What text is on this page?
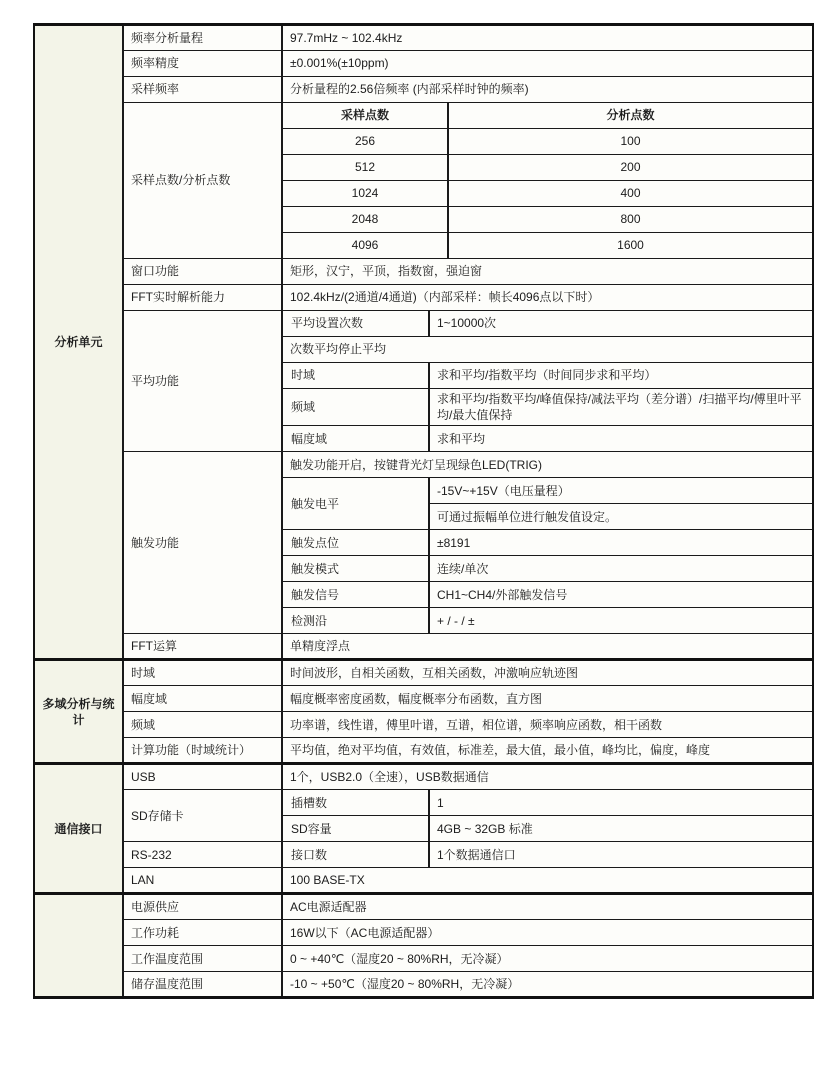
分析单元	频率分析量程	97.7mHz ~ 102.4kHz		
	频率精度	±0.001%(±10ppm)		
	采样频率	分析量程的2.56倍频率 (内部采样时钟的频率)		
	采样点数/分析点数	采样点数		分析点数
		256		100
		512		200
		1024		400
		2048		800
		4096		1600
	窗口功能	矩形，汉宁，平顶，指数窗，强迫窗		
	FFT实时解析能力	102.4kHz/(2通道/4通道)（内部采样：帧长4096点以下时）		
	平均功能	平均设置次数	1~10000次	
		次数平均停止平均		
		时域	求和平均/指数平均（时间同步求和平均）	
		频域	求和平均/指数平均/峰值保持/减法平均（差分谱）/扫描平均/傅里叶平均/最大值保持	
		幅度域	求和平均	
	触发功能	触发功能开启，按键背光灯呈现绿色LED(TRIG)		
		触发电平	-15V~+15V（电压量程）	
			可通过振幅单位进行触发值设定。	
		触发点位	±8191	
		触发模式	连续/单次	
		触发信号	CH1~CH4/外部触发信号	
		检测沿	+ / - / ±	
	FFT运算	单精度浮点		
多域分析与统计	时域	时间波形，自相关函数，互相关函数，冲激响应轨迹图		
	幅度域	幅度概率密度函数，幅度概率分布函数，直方图		
	频域	功率谱，线性谱，傅里叶谱，互谱，相位谱，频率响应函数，相干函数		
	计算功能（时域统计）	平均值，绝对平均值，有效值，标准差，最大值，最小值，峰均比，偏度，峰度		
通信接口	USB	1个，USB2.0（全速），USB数据通信		
	SD存储卡	插槽数	1	
		SD容量	4GB ~ 32GB 标准	
	RS-232	接口数	1个数据通信口	
	LAN	100 BASE-TX		
	电源供应	AC电源适配器		
	工作功耗	16W以下（AC电源适配器）		
	工作温度范围	0 ~ +40℃（湿度20 ~ 80%RH，无冷凝）		
	储存温度范围	-10 ~ +50℃（湿度20 ~ 80%RH，无冷凝）		
